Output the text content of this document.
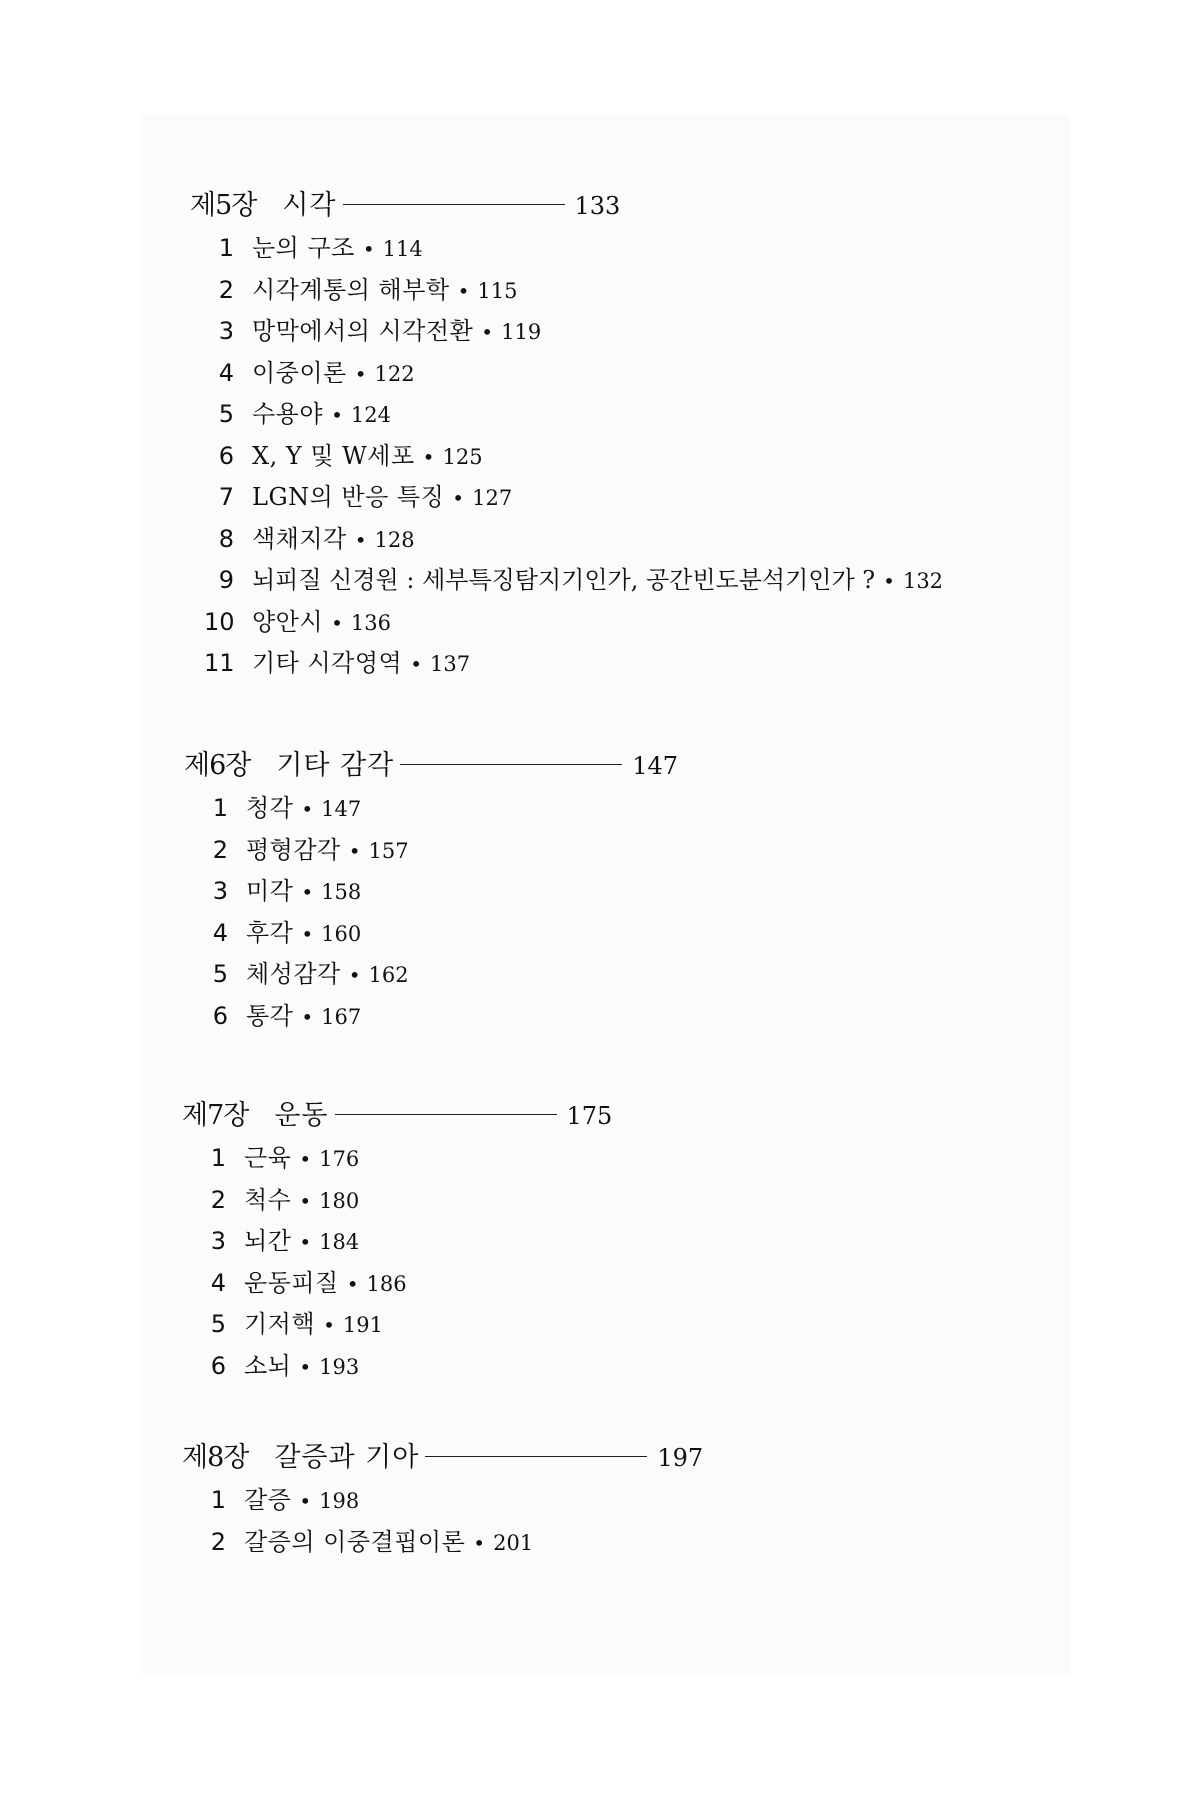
제5장 시각	133
1 눈의 구조 • 114
2 시각계통의 해부학 • 115
3 망막에서의 시각전환 • 119
4 이중이론 • 122
5 수용야 • 124
6 X, Y 및 W세포 • 125
7 LGN의 반응 특징 • 127
8 색채지각 • 128
9 뇌피질 신경원 : 세부특징탐지기인가, 공간빈도분석기인가 ? • 132
10 양안시 • 136
11 기타 시각영역 • 137
제6장 기타 감각	147
1 청각 • 147
2 평형감각 • 157
3 미각 • 158
4 후각 • 160
5 체성감각 • 162
6 통각 • 167
제7장 운동	175
1 근육 • 176
2 척수 • 180
3 뇌간 • 184
4 운동피질 • 186
5 기저핵 • 191
6 소뇌 • 193
제8장 갈증과 기아	197
1 갈증 • 198
2 갈증의 이중결핍이론 • 201
